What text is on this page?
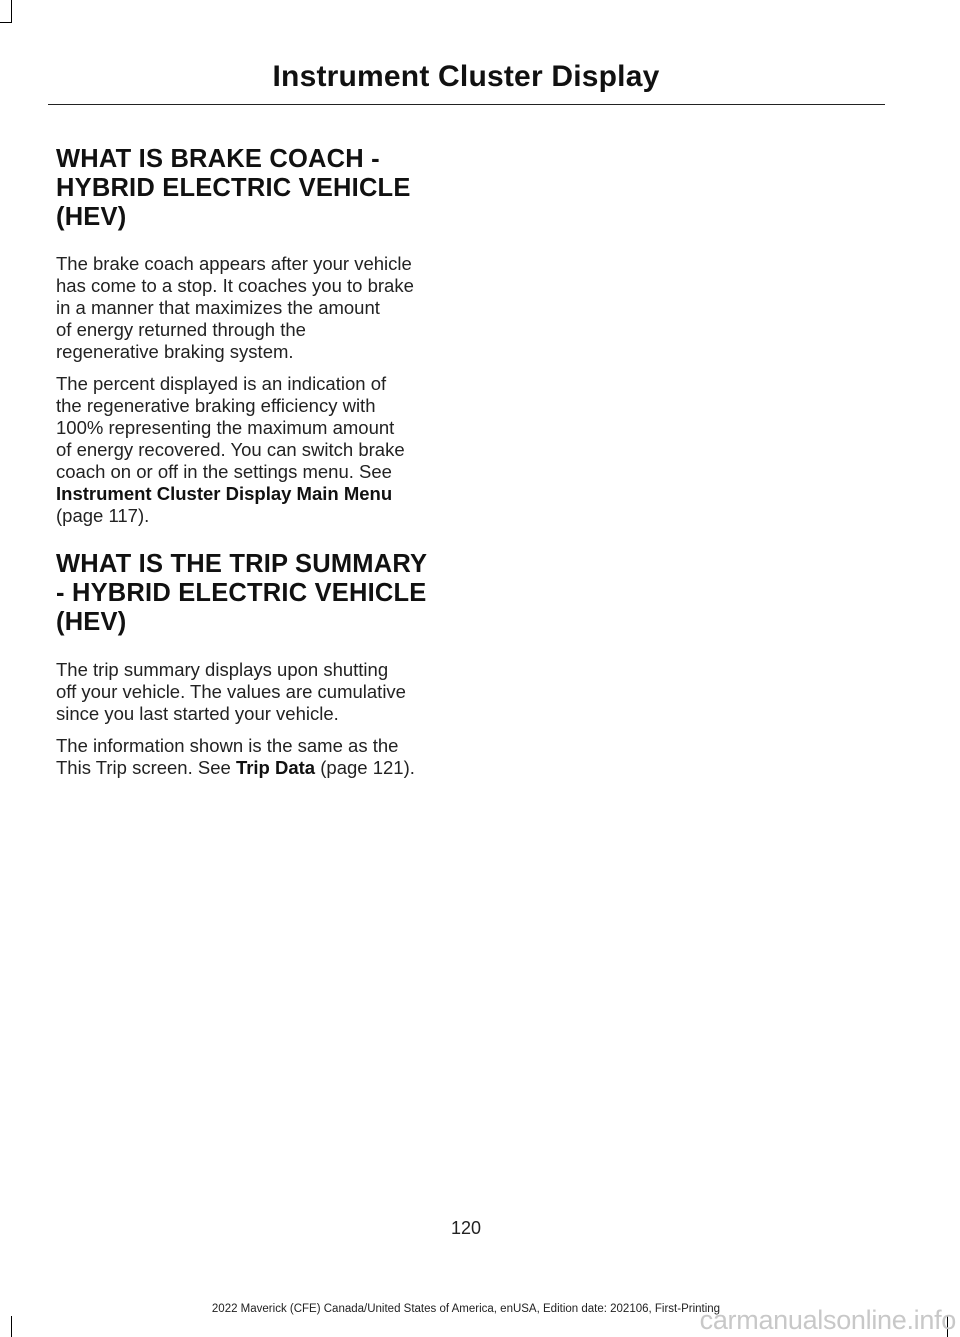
Instrument Cluster Display
WHAT IS BRAKE COACH -
HYBRID ELECTRIC VEHICLE
(HEV)

The brake coach appears after your vehicle
has come to a stop. It coaches you to brake
in a manner that maximizes the amount
of energy returned through the
regenerative braking system.

The percent displayed is an indication of
the regenerative braking efficiency with
100% representing the maximum amount
of energy recovered. You can switch brake
coach on or off in the settings menu. See
Instrument Cluster Display Main Menu
(page 117).

WHAT IS THE TRIP SUMMARY
- HYBRID ELECTRIC VEHICLE
(HEV)

The trip summary displays upon shutting
off your vehicle. The values are cumulative
since you last started your vehicle.

The information shown is the same as the
This Trip screen. See Trip Data (page 121).

120
2022 Maverick (CFE) Canada/United States of America, enUSA, Edition date: 202106, First-Printing
carmanualsonline.info
